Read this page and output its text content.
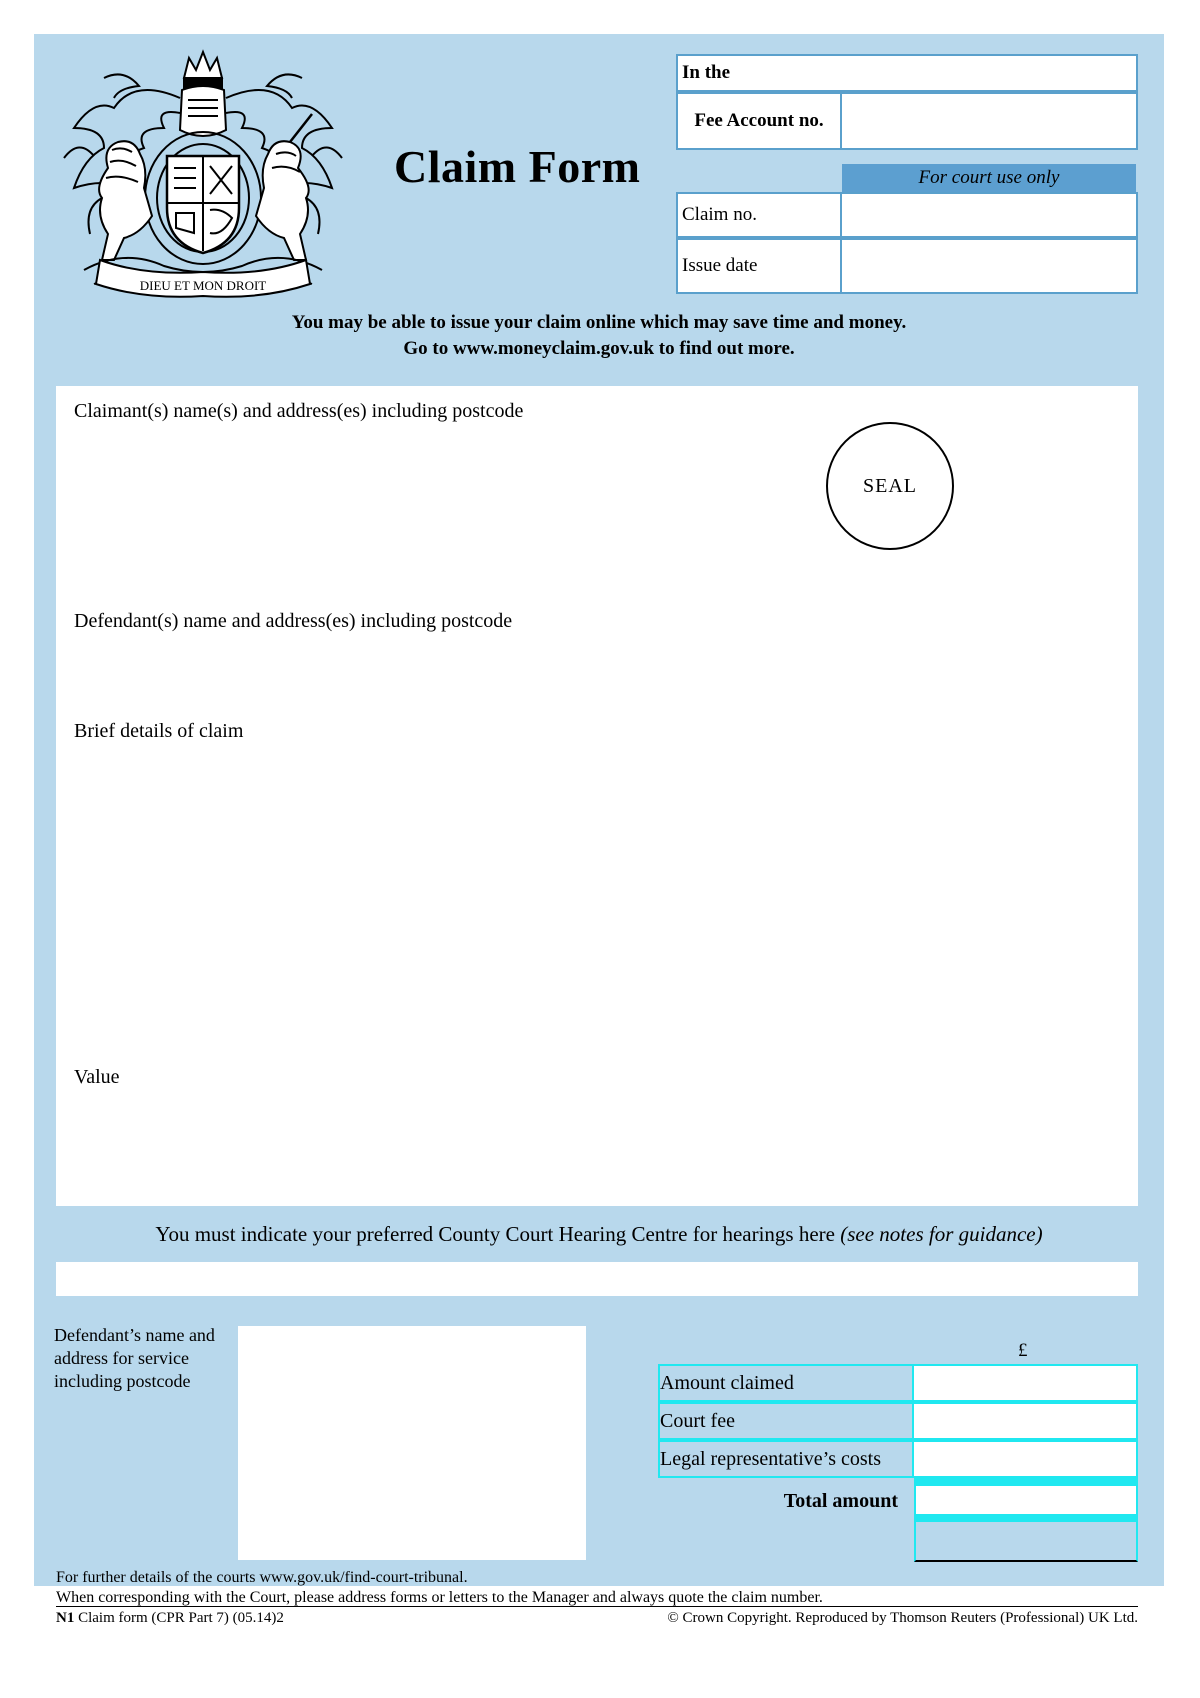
DIEU ET MON DROIT
Claim Form
In the
Fee Account no.
For court use only
Claim no.
Issue date
You may be able to issue your claim online which may save time and money.
Go to www.moneyclaim.gov.uk to find out more.
Claimant(s) name(s) and address(es) including postcode
SEAL
Defendant(s) name and address(es) including postcode
Brief details of claim
Value
You must indicate your preferred County Court Hearing Centre for hearings here (see notes for guidance)
Defendant’s name and address for service including postcode
£
Amount claimed
Court fee
Legal representative’s costs
Total amount
For further details of the courts www.gov.uk/find-court-tribunal.
When corresponding with the Court, please address forms or letters to the Manager and always quote the claim number.
N1 Claim form (CPR Part 7) (05.14)2	© Crown Copyright. Reproduced by Thomson Reuters (Professional) UK Ltd.
